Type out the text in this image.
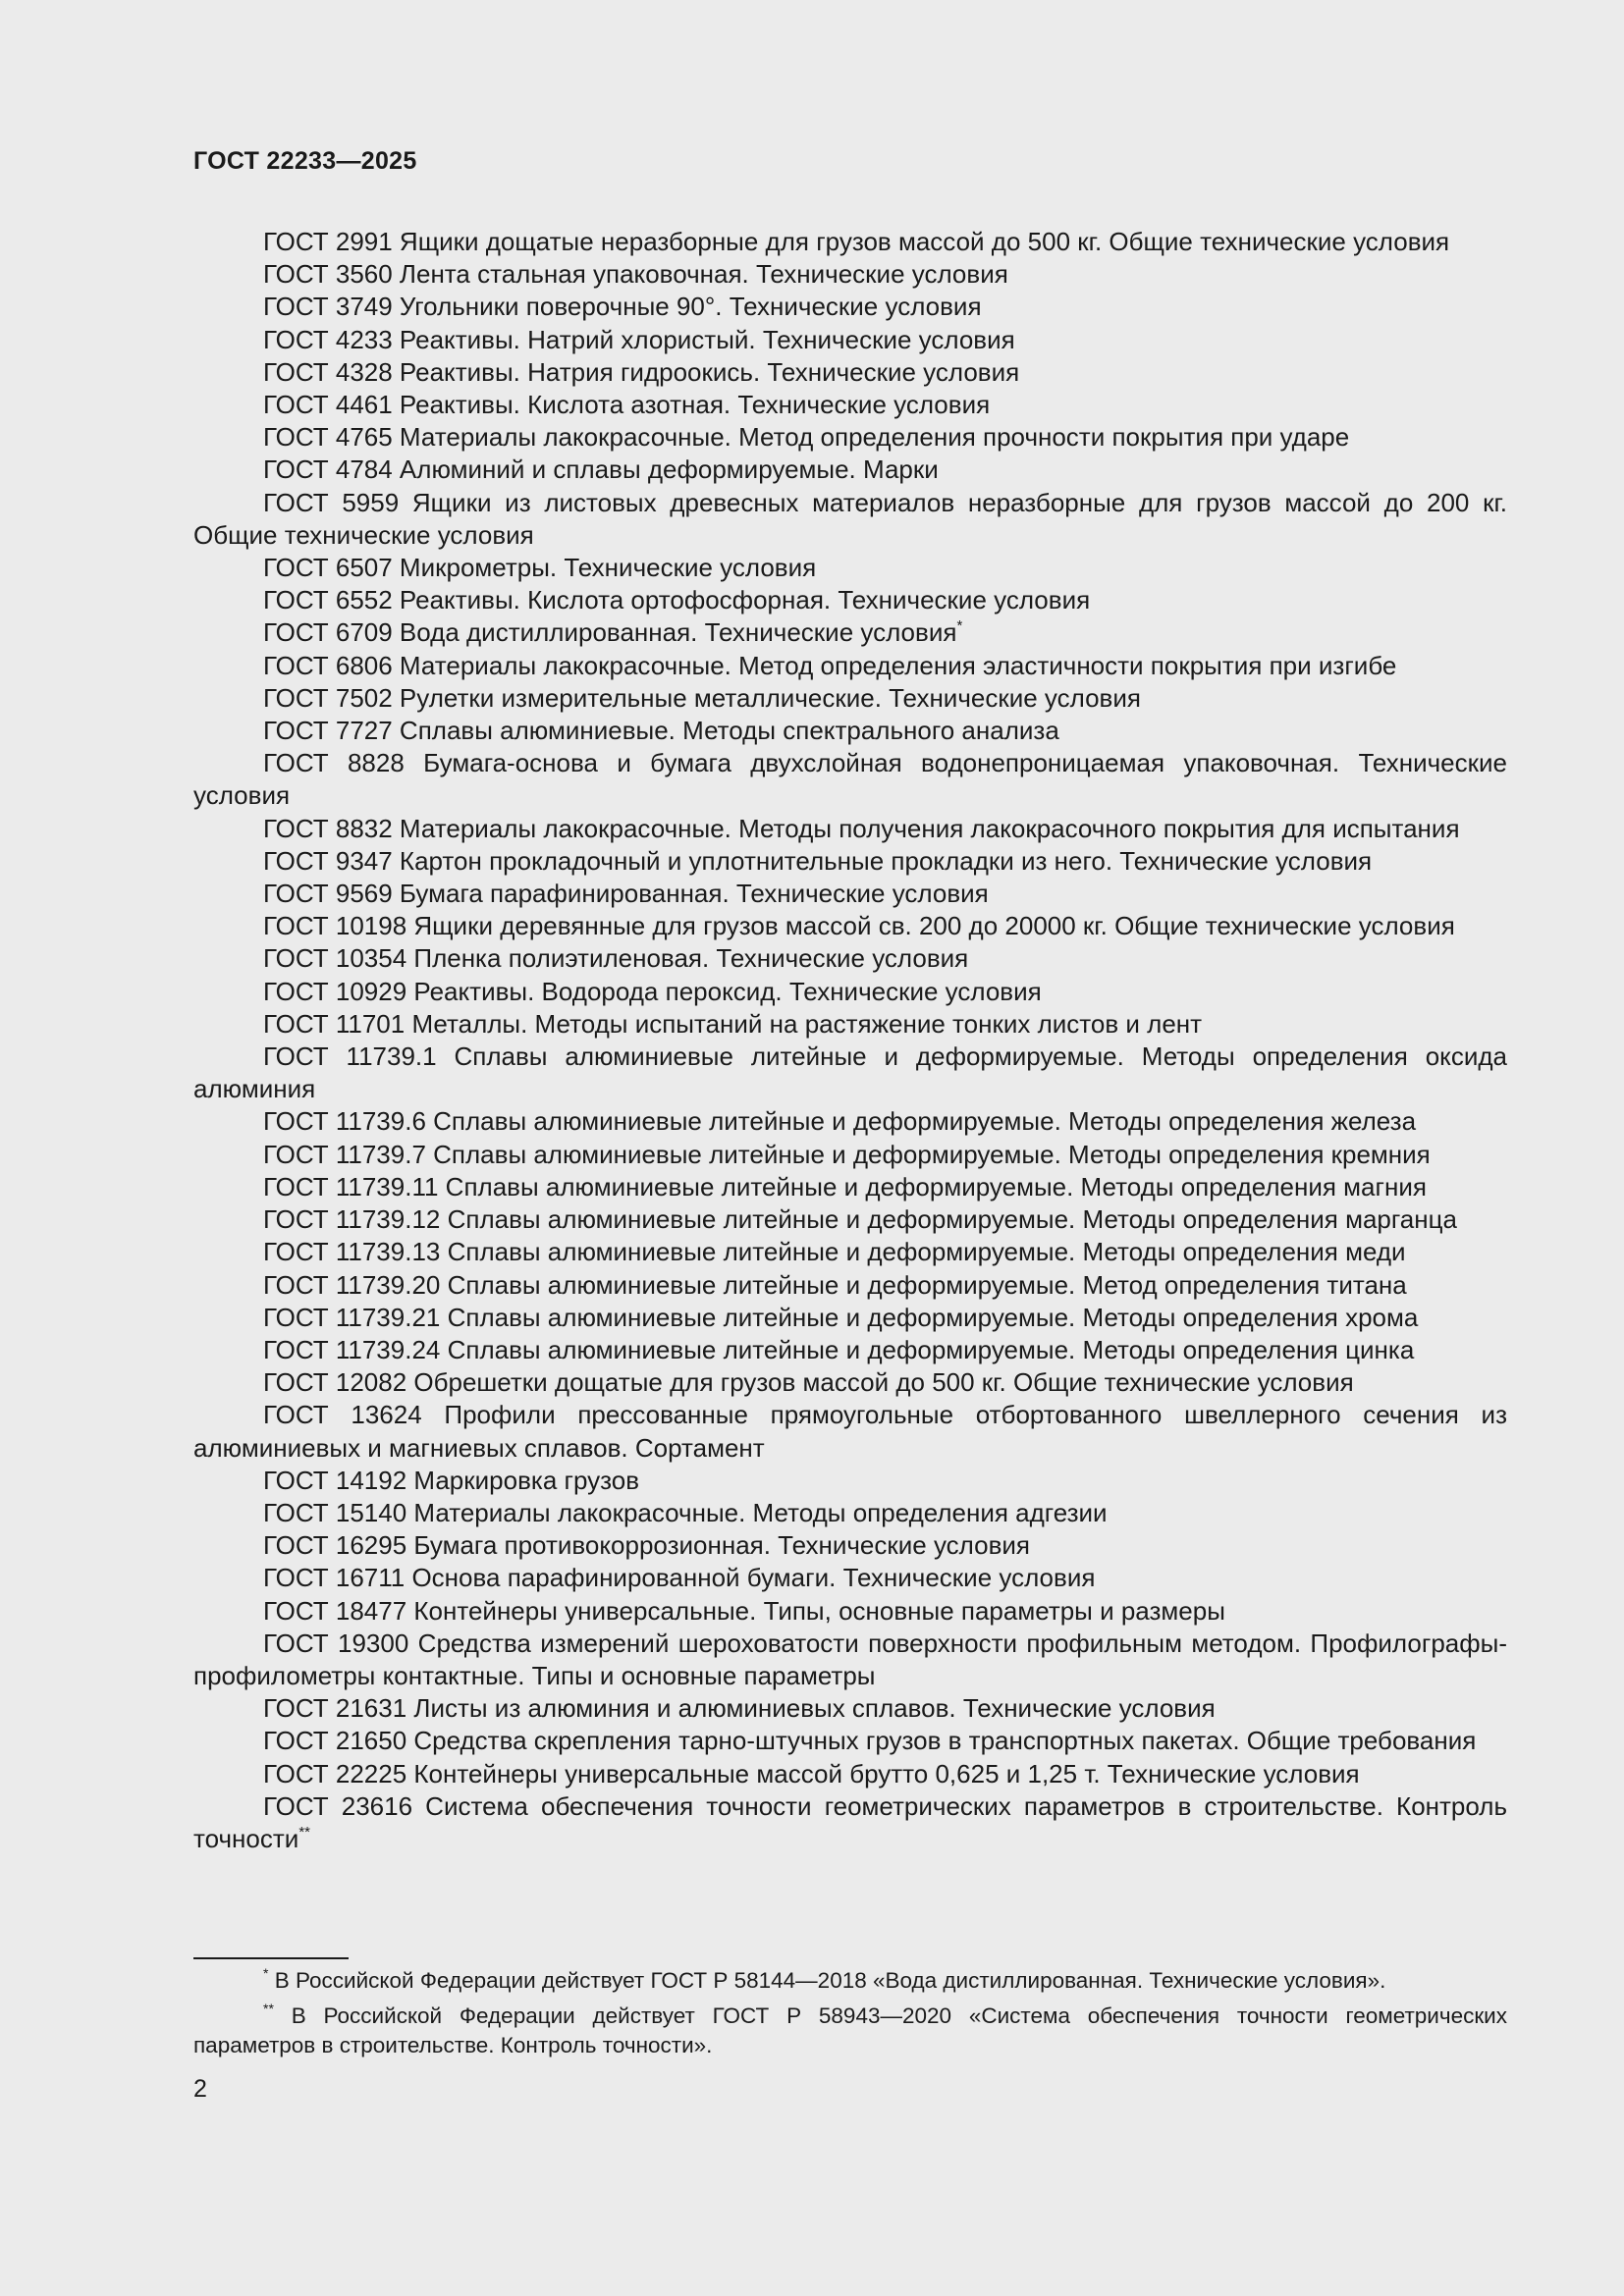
ГОСТ 22233—2025

ГОСТ 2991 Ящики дощатые неразборные для грузов массой до 500 кг. Общие технические условия

ГОСТ 3560 Лента стальная упаковочная. Технические условия

ГОСТ 3749 Угольники поверочные 90°. Технические условия

ГОСТ 4233 Реактивы. Натрий хлористый. Технические условия

ГОСТ 4328 Реактивы. Натрия гидроокись. Технические условия

ГОСТ 4461 Реактивы. Кислота азотная. Технические условия

ГОСТ 4765 Материалы лакокрасочные. Метод определения прочности покрытия при ударе

ГОСТ 4784 Алюминий и сплавы деформируемые. Марки

ГОСТ 5959 Ящики из листовых древесных материалов неразборные для грузов массой до 200 кг. Общие технические условия

ГОСТ 6507 Микрометры. Технические условия

ГОСТ 6552 Реактивы. Кислота ортофосфорная. Технические условия

ГОСТ 6709 Вода дистиллированная. Технические условия*

ГОСТ 6806 Материалы лакокрасочные. Метод определения эластичности покрытия при изгибе

ГОСТ 7502 Рулетки измерительные металлические. Технические условия

ГОСТ 7727 Сплавы алюминиевые. Методы спектрального анализа

ГОСТ 8828 Бумага-основа и бумага двухслойная водонепроницаемая упаковочная. Технические условия

ГОСТ 8832 Материалы лакокрасочные. Методы получения лакокрасочного покрытия для испытания

ГОСТ 9347 Картон прокладочный и уплотнительные прокладки из него. Технические условия

ГОСТ 9569 Бумага парафинированная. Технические условия

ГОСТ 10198 Ящики деревянные для грузов массой св. 200 до 20000 кг. Общие технические условия

ГОСТ 10354 Пленка полиэтиленовая. Технические условия

ГОСТ 10929 Реактивы. Водорода пероксид. Технические условия

ГОСТ 11701 Металлы. Методы испытаний на растяжение тонких листов и лент

ГОСТ 11739.1 Сплавы алюминиевые литейные и деформируемые. Методы определения оксида алюминия

ГОСТ 11739.6 Сплавы алюминиевые литейные и деформируемые. Методы определения железа

ГОСТ 11739.7 Сплавы алюминиевые литейные и деформируемые. Методы определения кремния

ГОСТ 11739.11 Сплавы алюминиевые литейные и деформируемые. Методы определения магния

ГОСТ 11739.12 Сплавы алюминиевые литейные и деформируемые. Методы определения марганца

ГОСТ 11739.13 Сплавы алюминиевые литейные и деформируемые. Методы определения меди

ГОСТ 11739.20 Сплавы алюминиевые литейные и деформируемые. Метод определения титана

ГОСТ 11739.21 Сплавы алюминиевые литейные и деформируемые. Методы определения хрома

ГОСТ 11739.24 Сплавы алюминиевые литейные и деформируемые. Методы определения цинка

ГОСТ 12082 Обрешетки дощатые для грузов массой до 500 кг. Общие технические условия

ГОСТ 13624 Профили прессованные прямоугольные отбортованного швеллерного сечения из алюминиевых и магниевых сплавов. Сортамент

ГОСТ 14192 Маркировка грузов

ГОСТ 15140 Материалы лакокрасочные. Методы определения адгезии

ГОСТ 16295 Бумага противокоррозионная. Технические условия

ГОСТ 16711 Основа парафинированной бумаги. Технические условия

ГОСТ 18477 Контейнеры универсальные. Типы, основные параметры и размеры

ГОСТ 19300 Средства измерений шероховатости поверхности профильным методом. Профилографы-профилометры контактные. Типы и основные параметры

ГОСТ 21631 Листы из алюминия и алюминиевых сплавов. Технические условия

ГОСТ 21650 Средства скрепления тарно-штучных грузов в транспортных пакетах. Общие требования

ГОСТ 22225 Контейнеры универсальные массой брутто 0,625 и 1,25 т. Технические условия

ГОСТ 23616 Система обеспечения точности геометрических параметров в строительстве. Контроль точности**

* В Российской Федерации действует ГОСТ Р 58144—2018 «Вода дистиллированная. Технические условия».

** В Российской Федерации действует ГОСТ Р 58943—2020 «Система обеспечения точности геометрических параметров в строительстве. Контроль точности».

2
